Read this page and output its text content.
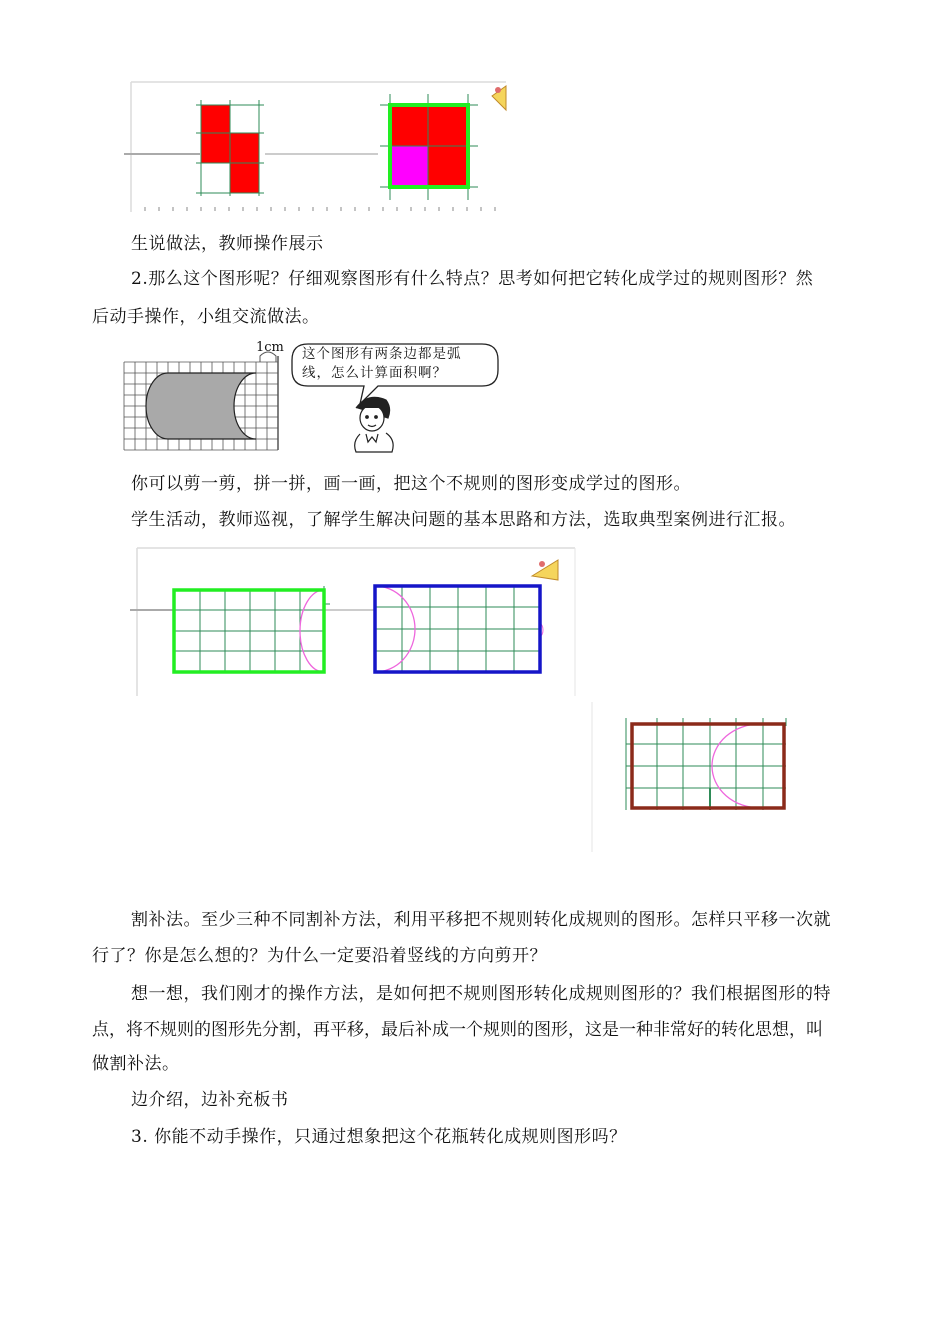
生说做法，教师操作展示
2.那么这个图形呢？仔细观察图形有什么特点？思考如何把它转化成学过的规则图形？然
后动手操作，小组交流做法。
1cm 这个图形有两条边都是弧
线，怎么计算面积啊？
你可以剪一剪，拼一拼，画一画，把这个不规则的图形变成学过的图形。
学生活动，教师巡视，了解学生解决问题的基本思路和方法，选取典型案例进行汇报。
割补法。至少三种不同割补方法，利用平移把不规则转化成规则的图形。怎样只平移一次就
行了？你是怎么想的？为什么一定要沿着竖线的方向剪开？
想一想，我们刚才的操作方法，是如何把不规则图形转化成规则图形的？我们根据图形的特
点，将不规则的图形先分割，再平移，最后补成一个规则的图形，这是一种非常好的转化思想，叫
做割补法。
边介绍，边补充板书
3. 你能不动手操作，只通过想象把这个花瓶转化成规则图形吗？
